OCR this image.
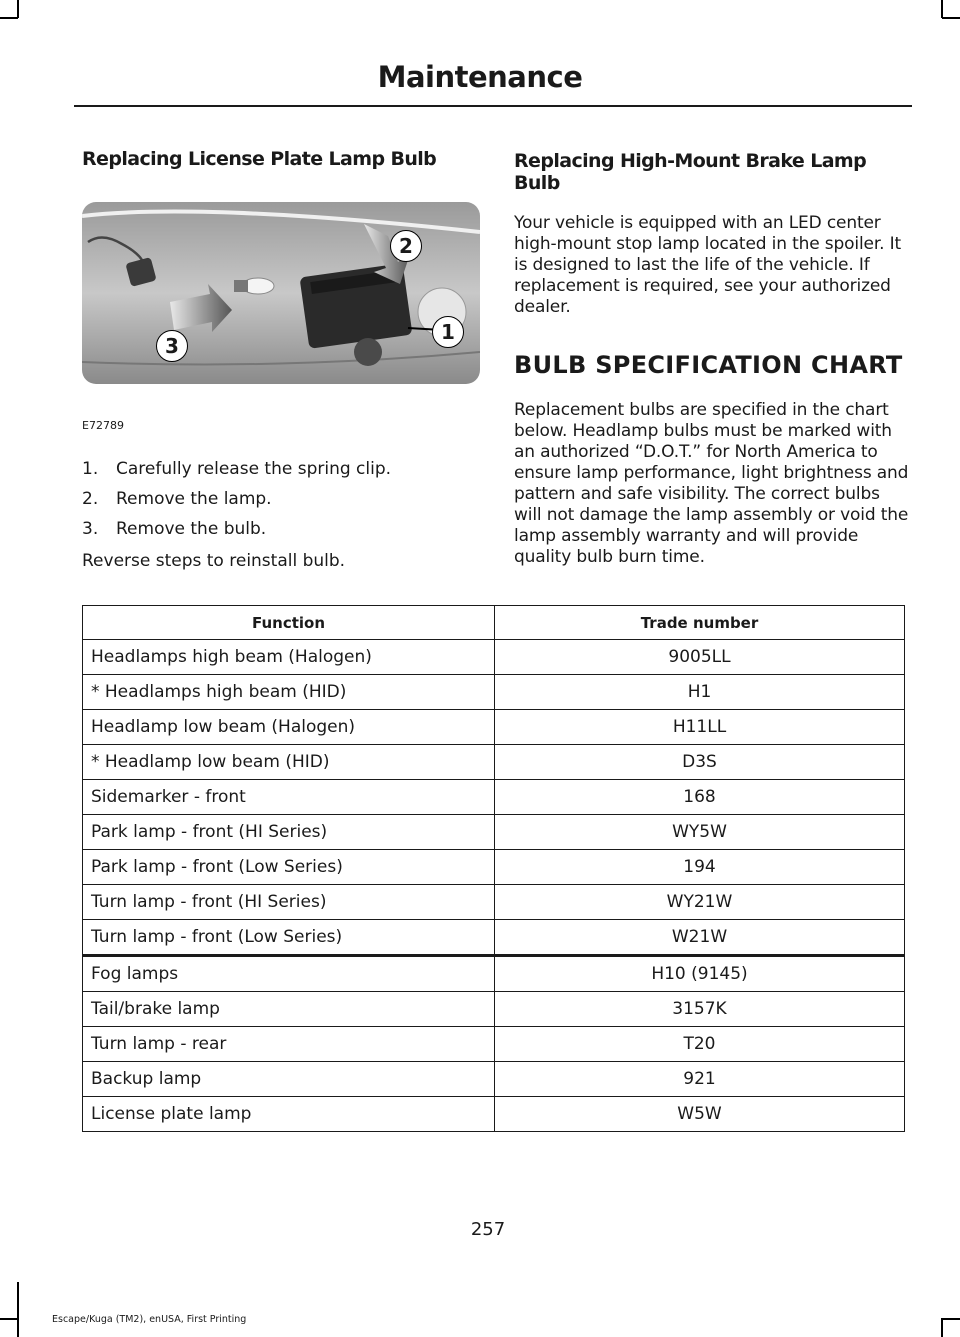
Maintenance
Replacing License Plate Lamp Bulb
1
2
3
E72789
1.	Carefully release the spring clip.
2.	Remove the lamp.
3.	Remove the bulb.
Reverse steps to reinstall bulb.
Replacing High-Mount Brake Lamp Bulb

Your vehicle is equipped with an LED center high-mount stop lamp located in the spoiler. It is designed to last the life of the vehicle. If replacement is required, see your authorized dealer.

BULB SPECIFICATION CHART

Replacement bulbs are specified in the chart below. Headlamp bulbs must be marked with an authorized “D.O.T.” for North America to ensure lamp performance, light brightness and pattern and safe visibility. The correct bulbs will not damage the lamp assembly or void the lamp assembly warranty and will provide quality bulb burn time.

Function	Trade number
Headlamps high beam (Halogen)	9005LL
* Headlamps high beam (HID)	H1
Headlamp low beam (Halogen)	H11LL
* Headlamp low beam (HID)	D3S
Sidemarker - front	168
Park lamp - front (HI Series)	WY5W
Park lamp - front (Low Series)	194
Turn lamp - front (HI Series)	WY21W
Turn lamp - front (Low Series)	W21W
Fog lamps	H10 (9145)
Tail/brake lamp	3157K
Turn lamp - rear	T20
Backup lamp	921
License plate lamp	W5W
257
Escape/Kuga (TM2), enUSA, First Printing
